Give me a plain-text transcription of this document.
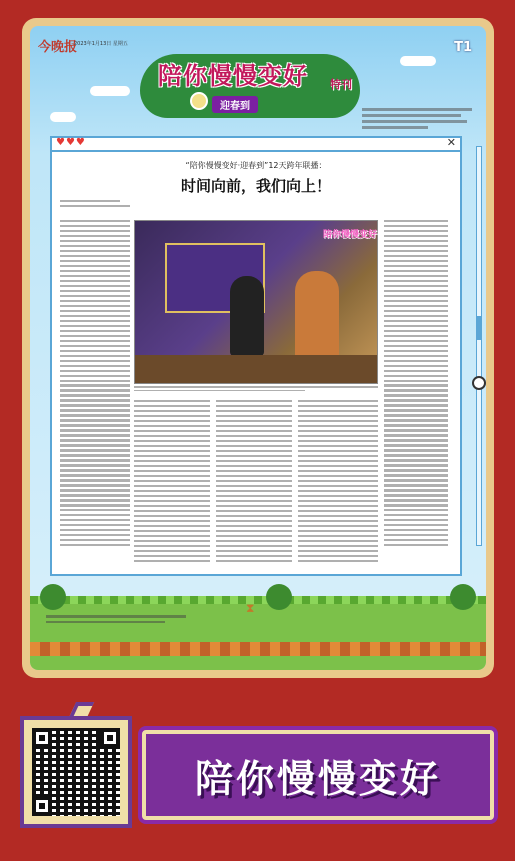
今晚报
2023年1月13日 星期五	T1
陪你慢慢变好 特刊
迎春到
♥♥♥	✕
“陪你慢慢变好·迎春到”12天跨年联播：
时间向前，我们向上！
陪你慢慢变好
⧗
陪你慢慢变好
